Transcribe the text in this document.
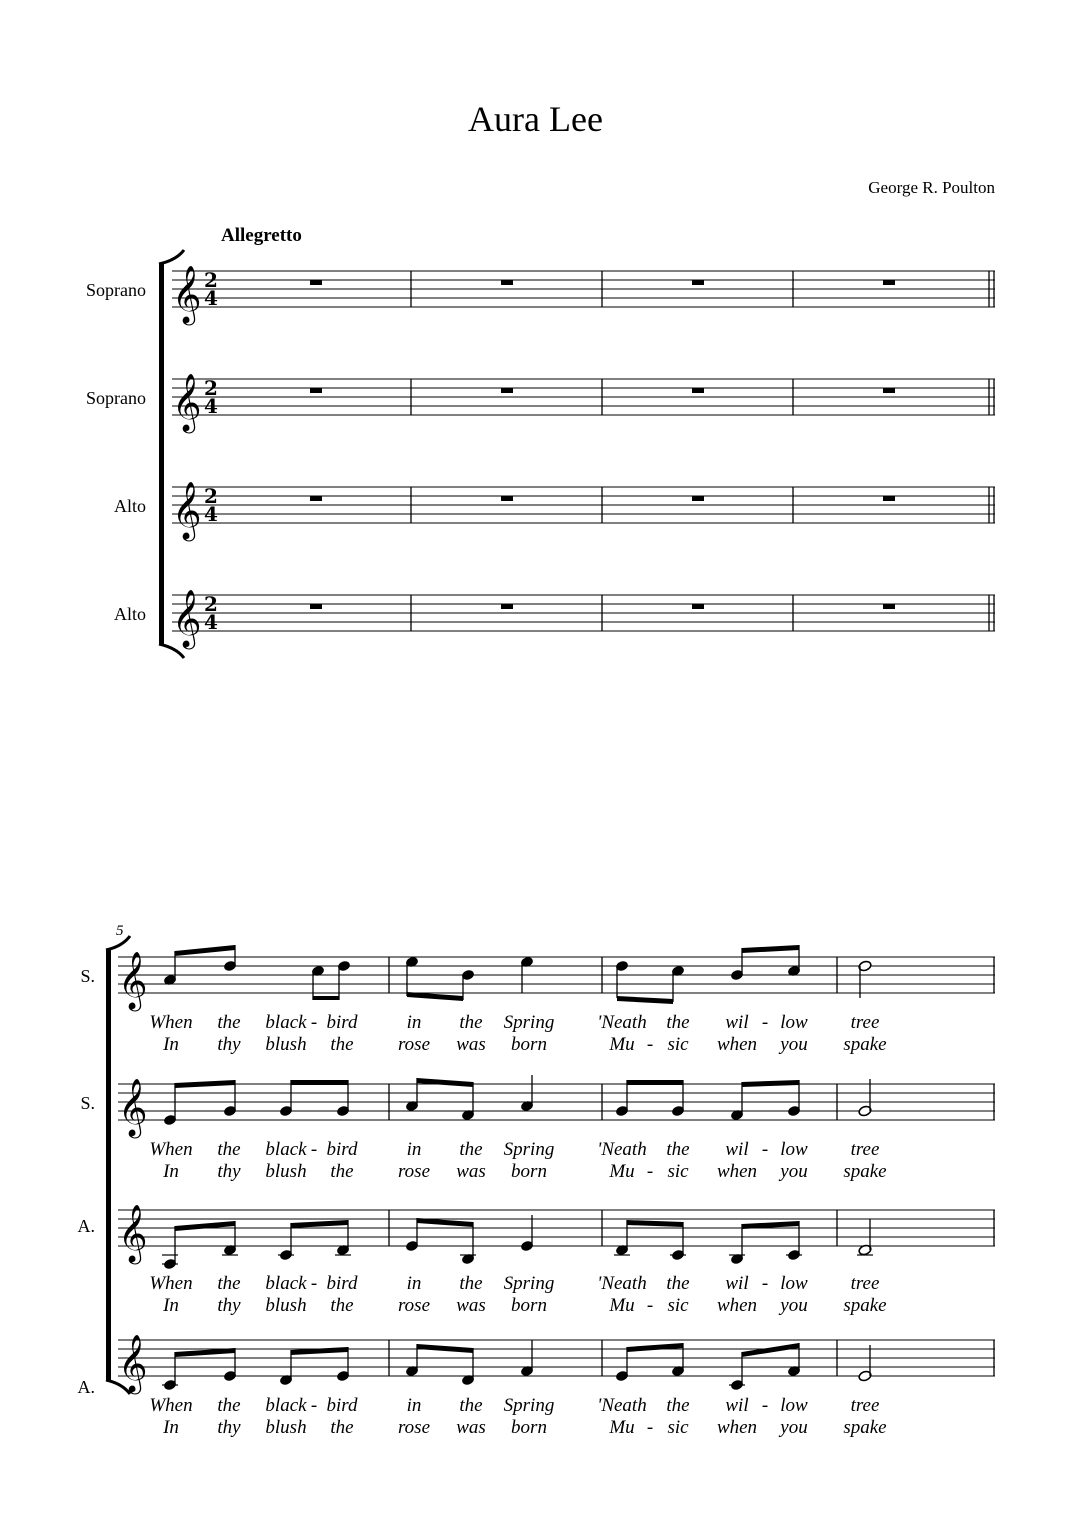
Aura Lee
George R. Poulton
Allegretto
Soprano
Soprano
Alto
Alto
𝄞
𝄞
𝄞
𝄞
2
4
2
4
2
4
2
4
5
S.
S.
A.
A.
𝄞
𝄞
𝄞
𝄞
When the black - bird	in the Spring 'Neath the wil - low tree
In thy blush the rose was born	Mu - sic when you spake
When the black - bird	in the Spring 'Neath the wil - low tree
In thy blush the rose was born	Mu - sic when you spake
When the black - bird	in the Spring 'Neath the wil - low tree
In thy blush the rose was born	Mu - sic when you spake
When the black - bird	in the Spring 'Neath the wil - low tree
In thy blush the rose was born	Mu - sic when you spake
